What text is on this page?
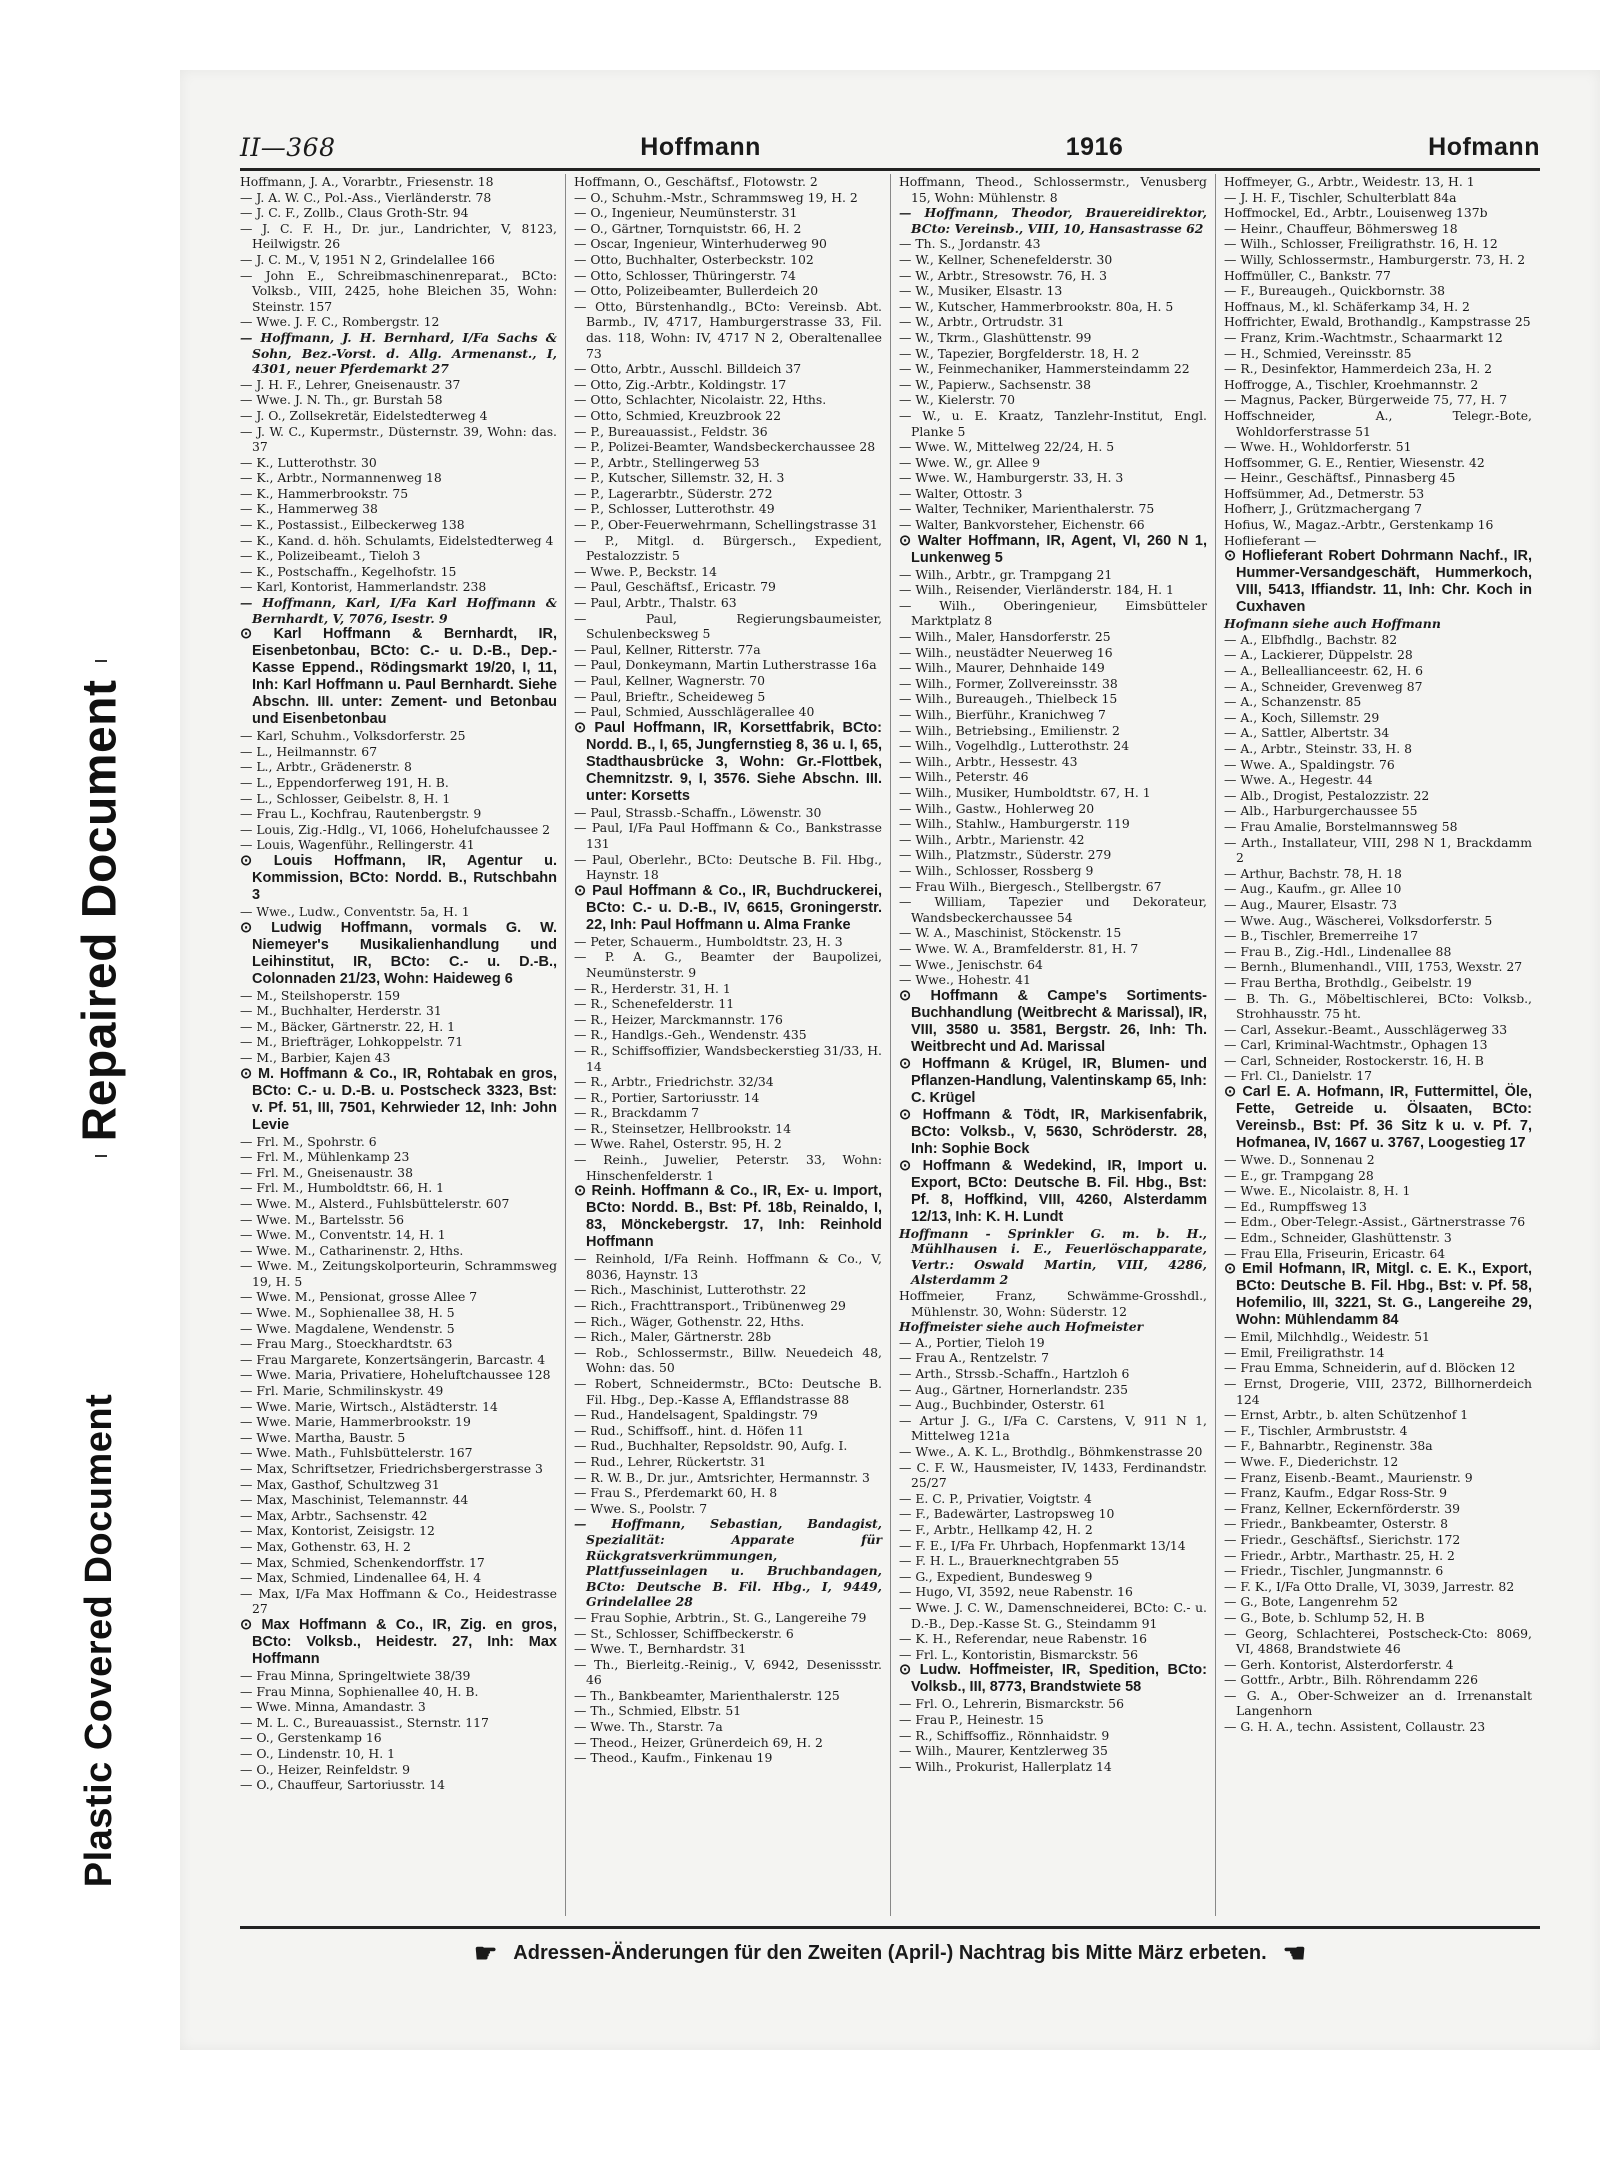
Repaired Document
Plastic Covered Document
II—368	Hoffmann	1916	Hofmann

Hoffmann, J. A., Vorarbtr., Friesenstr. 18

— J. A. W. C., Pol.-Ass., Vierländerstr. 78

— J. C. F., Zollb., Claus Groth-Str. 94

— J. C. F. H., Dr. jur., Landrichter, V, 8123, Heilwigstr. 26

— J. C. M., V, 1951 N 2, Grindelallee 166

— John E., Schreibmaschinenreparat., BCto: Volksb., VIII, 2425, hohe Bleichen 35, Wohn: Steinstr. 157

— Wwe. J. F. C., Rombergstr. 12

— Hoffmann, J. H. Bernhard, I/Fa Sachs & Sohn, Bez.-Vorst. d. Allg. Armenanst., I, 4301, neuer Pferdemarkt 27

— J. H. F., Lehrer, Gneisenaustr. 37

— Wwe. J. N. Th., gr. Burstah 58

— J. O., Zollsekretär, Eidelstedterweg 4

— J. W. C., Kupermstr., Düsternstr. 39, Wohn: das. 37

— K., Lutterothstr. 30

— K., Arbtr., Normannenweg 18

— K., Hammerbrookstr. 75

— K., Hammerweg 38

— K., Postassist., Eilbeckerweg 138

— K., Kand. d. höh. Schulamts, Eidelstedterweg 4

— K., Polizeibeamt., Tieloh 3

— K., Postschaffn., Kegelhofstr. 15

— Karl, Kontorist, Hammerlandstr. 238

— Hoffmann, Karl, I/Fa Karl Hoffmann & Bernhardt, V, 7076, Isestr. 9

⊙ Karl Hoffmann & Bernhardt, IR, Eisenbetonbau, BCto: C.- u. D.-B., Dep.-Kasse Eppend., Rödingsmarkt 19/20, I, 11, Inh: Karl Hoffmann u. Paul Bernhardt. Siehe Abschn. III. unter: Zement- und Betonbau und Eisenbetonbau

— Karl, Schuhm., Volksdorferstr. 25

— L., Heilmannstr. 67

— L., Arbtr., Grädenerstr. 8

— L., Eppendorferweg 191, H. B.

— L., Schlosser, Geibelstr. 8, H. 1

— Frau L., Kochfrau, Rautenbergstr. 9

— Louis, Zig.-Hdlg., VI, 1066, Hohelufchaussee 2

— Louis, Wagenführ., Rellingerstr. 41

⊙ Louis Hoffmann, IR, Agentur u. Kommission, BCto: Nordd. B., Rutschbahn 3

— Wwe., Ludw., Conventstr. 5a, H. 1

⊙ Ludwig Hoffmann, vormals G. W. Niemeyer's Musikalienhandlung und Leihinstitut, IR, BCto: C.- u. D.-B., Colonnaden 21/23, Wohn: Haideweg 6

— M., Steilshoperstr. 159

— M., Buchhalter, Herderstr. 31

— M., Bäcker, Gärtnerstr. 22, H. 1

— M., Briefträger, Lohkoppelstr. 71

— M., Barbier, Kajen 43

⊙ M. Hoffmann & Co., IR, Rohtabak en gros, BCto: C.- u. D.-B. u. Postscheck 3323, Bst: v. Pf. 51, III, 7501, Kehrwieder 12, Inh: John Levie

— Frl. M., Spohrstr. 6

— Frl. M., Mühlenkamp 23

— Frl. M., Gneisenaustr. 38

— Frl. M., Humboldtstr. 66, H. 1

— Wwe. M., Alsterd., Fuhlsbüttelerstr. 607

— Wwe. M., Bartelsstr. 56

— Wwe. M., Conventstr. 14, H. 1

— Wwe. M., Catharinenstr. 2, Hths.

— Wwe. M., Zeitungskolporteurin, Schrammsweg 19, H. 5

— Wwe. M., Pensionat, grosse Allee 7

— Wwe. M., Sophienallee 38, H. 5

— Wwe. Magdalene, Wendenstr. 5

— Frau Marg., Stoeckhardtstr. 63

— Frau Margarete, Konzertsängerin, Barcastr. 4

— Wwe. Maria, Privatiere, Hoheluftchaussee 128

— Frl. Marie, Schmilinskystr. 49

— Wwe. Marie, Wirtsch., Alstädterstr. 14

— Wwe. Marie, Hammerbrookstr. 19

— Wwe. Martha, Baustr. 5

— Wwe. Math., Fuhlsbüttelerstr. 167

— Max, Schriftsetzer, Friedrichsbergerstrasse 3

— Max, Gasthof, Schultzweg 31

— Max, Maschinist, Telemannstr. 44

— Max, Arbtr., Sachsenstr. 42

— Max, Kontorist, Zeisigstr. 12

— Max, Gothenstr. 63, H. 2

— Max, Schmied, Schenkendorffstr. 17

— Max, Schmied, Lindenallee 64, H. 4

— Max, I/Fa Max Hoffmann & Co., Heidestrasse 27

⊙ Max Hoffmann & Co., IR, Zig. en gros, BCto: Volksb., Heidestr. 27, Inh: Max Hoffmann

— Frau Minna, Springeltwiete 38/39

— Frau Minna, Sophienallee 40, H. B.

— Wwe. Minna, Amandastr. 3

— M. L. C., Bureauassist., Sternstr. 117

— O., Gerstenkamp 16

— O., Lindenstr. 10, H. 1

— O., Heizer, Reinfeldstr. 9

— O., Chauffeur, Sartoriusstr. 14

Hoffmann, O., Geschäftsf., Flotowstr. 2

— O., Schuhm.-Mstr., Schrammsweg 19, H. 2

— O., Ingenieur, Neumünsterstr. 31

— O., Gärtner, Tornquiststr. 66, H. 2

— Oscar, Ingenieur, Winterhuderweg 90

— Otto, Buchhalter, Osterbeckstr. 102

— Otto, Schlosser, Thüringerstr. 74

— Otto, Polizeibeamter, Bullerdeich 20

— Otto, Bürstenhandlg., BCto: Vereinsb. Abt. Barmb., IV, 4717, Hamburgerstrasse 33, Fil. das. 118, Wohn: IV, 4717 N 2, Oberaltenallee 73

— Otto, Arbtr., Ausschl. Billdeich 37

— Otto, Zig.-Arbtr., Koldingstr. 17

— Otto, Schlachter, Nicolaistr. 22, Hths.

— Otto, Schmied, Kreuzbrook 22

— P., Bureauassist., Feldstr. 36

— P., Polizei-Beamter, Wandsbeckerchaussee 28

— P., Arbtr., Stellingerweg 53

— P., Kutscher, Sillemstr. 32, H. 3

— P., Lagerarbtr., Süderstr. 272

— P., Schlosser, Lutterothstr. 49

— P., Ober-Feuerwehrmann, Schellingstrasse 31

— P., Mitgl. d. Bürgersch., Expedient, Pestalozzistr. 5

— Wwe. P., Beckstr. 14

— Paul, Geschäftsf., Ericastr. 79

— Paul, Arbtr., Thalstr. 63

— Paul, Regierungsbaumeister, Schulenbecksweg 5

— Paul, Kellner, Ritterstr. 77a

— Paul, Donkeymann, Martin Lutherstrasse 16a

— Paul, Kellner, Wagnerstr. 70

— Paul, Brieftr., Scheideweg 5

— Paul, Schmied, Ausschlägerallee 40

⊙ Paul Hoffmann, IR, Korsettfabrik, BCto: Nordd. B., I, 65, Jungfernstieg 8, 36 u. I, 65, Stadthausbrücke 3, Wohn: Gr.-Flottbek, Chemnitzstr. 9, I, 3576. Siehe Abschn. III. unter: Korsetts

— Paul, Strassb.-Schaffn., Löwenstr. 30

— Paul, I/Fa Paul Hoffmann & Co., Bankstrasse 131

— Paul, Oberlehr., BCto: Deutsche B. Fil. Hbg., Haynstr. 18

⊙ Paul Hoffmann & Co., IR, Buchdruckerei, BCto: C.- u. D.-B., IV, 6615, Groningerstr. 22, Inh: Paul Hoffmann u. Alma Franke

— Peter, Schauerm., Humboldtstr. 23, H. 3

— P. A. G., Beamter der Baupolizei, Neumünsterstr. 9

— R., Herderstr. 31, H. 1

— R., Schenefelderstr. 11

— R., Heizer, Marckmannstr. 176

— R., Handlgs.-Geh., Wendenstr. 435

— R., Schiffsoffizier, Wandsbeckerstieg 31/33, H. 14

— R., Arbtr., Friedrichstr. 32/34

— R., Portier, Sartoriusstr. 14

— R., Brackdamm 7

— R., Steinsetzer, Hellbrookstr. 14

— Wwe. Rahel, Osterstr. 95, H. 2

— Reinh., Juwelier, Peterstr. 33, Wohn: Hinschenfelderstr. 1

⊙ Reinh. Hoffmann & Co., IR, Ex- u. Import, BCto: Nordd. B., Bst: Pf. 18b, Reinaldo, I, 83, Mönckebergstr. 17, Inh: Reinhold Hoffmann

— Reinhold, I/Fa Reinh. Hoffmann & Co., V, 8036, Haynstr. 13

— Rich., Maschinist, Lutterothstr. 22

— Rich., Frachttransport., Tribünenweg 29

— Rich., Wäger, Gothenstr. 22, Hths.

— Rich., Maler, Gärtnerstr. 28b

— Rob., Schlossermstr., Billw. Neuedeich 48, Wohn: das. 50

— Robert, Schneidermstr., BCto: Deutsche B. Fil. Hbg., Dep.-Kasse A, Efflandstrasse 88

— Rud., Handelsagent, Spaldingstr. 79

— Rud., Schiffsoff., hint. d. Höfen 11

— Rud., Buchhalter, Repsoldstr. 90, Aufg. I.

— Rud., Lehrer, Rückertstr. 31

— R. W. B., Dr. jur., Amtsrichter, Hermannstr. 3

— Frau S., Pferdemarkt 60, H. 8

— Wwe. S., Poolstr. 7

— Hoffmann, Sebastian, Bandagist, Spezialität: Apparate für Rückgratsverkrümmungen, Plattfusseinlagen u. Bruchbandagen, BCto: Deutsche B. Fil. Hbg., I, 9449, Grindelallee 28

— Frau Sophie, Arbtrin., St. G., Langereihe 79

— St., Schlosser, Schiffbeckerstr. 6

— Wwe. T., Bernhardstr. 31

— Th., Bierleitg.-Reinig., V, 6942, Desenissstr. 46

— Th., Bankbeamter, Marienthalerstr. 125

— Th., Schmied, Elbstr. 51

— Wwe. Th., Starstr. 7a

— Theod., Heizer, Grünerdeich 69, H. 2

— Theod., Kaufm., Finkenau 19

Hoffmann, Theod., Schlossermstr., Venusberg 15, Wohn: Mühlenstr. 8

— Hoffmann, Theodor, Brauereidirektor, BCto: Vereinsb., VIII, 10, Hansastrasse 62

— Th. S., Jordanstr. 43

— W., Kellner, Schenefelderstr. 30

— W., Arbtr., Stresowstr. 76, H. 3

— W., Musiker, Elsastr. 13

— W., Kutscher, Hammerbrookstr. 80a, H. 5

— W., Arbtr., Ortrudstr. 31

— W., Tkrm., Glashüttenstr. 99

— W., Tapezier, Borgfelderstr. 18, H. 2

— W., Feinmechaniker, Hammersteindamm 22

— W., Papierw., Sachsenstr. 38

— W., Kielerstr. 70

— W., u. E. Kraatz, Tanzlehr-Institut, Engl. Planke 5

— Wwe. W., Mittelweg 22/24, H. 5

— Wwe. W., gr. Allee 9

— Wwe. W., Hamburgerstr. 33, H. 3

— Walter, Ottostr. 3

— Walter, Techniker, Marienthalerstr. 75

— Walter, Bankvorsteher, Eichenstr. 66

⊙ Walter Hoffmann, IR, Agent, VI, 260 N 1, Lunkenweg 5

— Wilh., Arbtr., gr. Trampgang 21

— Wilh., Reisender, Vierländerstr. 184, H. 1

— Wilh., Oberingenieur, Eimsbütteler Marktplatz 8

— Wilh., Maler, Hansdorferstr. 25

— Wilh., neustädter Neuerweg 16

— Wilh., Maurer, Dehnhaide 149

— Wilh., Former, Zollvereinsstr. 38

— Wilh., Bureaugeh., Thielbeck 15

— Wilh., Bierführ., Kranichweg 7

— Wilh., Betriebsing., Emilienstr. 2

— Wilh., Vogelhdlg., Lutterothstr. 24

— Wilh., Arbtr., Hessestr. 43

— Wilh., Peterstr. 46

— Wilh., Musiker, Humboldtstr. 67, H. 1

— Wilh., Gastw., Hohlerweg 20

— Wilh., Stahlw., Hamburgerstr. 119

— Wilh., Arbtr., Marienstr. 42

— Wilh., Platzmstr., Süderstr. 279

— Wilh., Schlosser, Rossberg 9

— Frau Wilh., Biergesch., Stellbergstr. 67

— William, Tapezier und Dekorateur, Wandsbeckerchaussee 54

— W. A., Maschinist, Stöckenstr. 15

— Wwe. W. A., Bramfelderstr. 81, H. 7

— Wwe., Jenischstr. 64

— Wwe., Hohestr. 41

⊙ Hoffmann & Campe's Sortiments-Buchhandlung (Weitbrecht & Marissal), IR, VIII, 3580 u. 3581, Bergstr. 26, Inh: Th. Weitbrecht und Ad. Marissal

⊙ Hoffmann & Krügel, IR, Blumen- und Pflanzen-Handlung, Valentinskamp 65, Inh: C. Krügel

⊙ Hoffmann & Tödt, IR, Markisenfabrik, BCto: Volksb., V, 5630, Schröderstr. 28, Inh: Sophie Bock

⊙ Hoffmann & Wedekind, IR, Import u. Export, BCto: Deutsche B. Fil. Hbg., Bst: Pf. 8, Hoffkind, VIII, 4260, Alsterdamm 12/13, Inh: K. H. Lundt

Hoffmann - Sprinkler G. m. b. H., Mühlhausen i. E., Feuerlöschapparate, Vertr.: Oswald Martin, VIII, 4286, Alsterdamm 2

Hoffmeier, Franz, Schwämme-Grosshdl., Mühlenstr. 30, Wohn: Süderstr. 12

Hoffmeister siehe auch Hofmeister

— A., Portier, Tieloh 19

— Frau A., Rentzelstr. 7

— Arth., Strssb.-Schaffn., Hartzloh 6

— Aug., Gärtner, Hornerlandstr. 235

— Aug., Buchbinder, Osterstr. 61

— Artur J. G., I/Fa C. Carstens, V, 911 N 1, Mittelweg 121a

— Wwe., A. K. L., Brothdlg., Böhmkenstrasse 20

— C. F. W., Hausmeister, IV, 1433, Ferdinandstr. 25/27

— E. C. P., Privatier, Voigtstr. 4

— F., Badewärter, Lastropsweg 10

— F., Arbtr., Hellkamp 42, H. 2

— F. E., I/Fa Fr. Uhrbach, Hopfenmarkt 13/14

— F. H. L., Brauerknechtgraben 55

— G., Expedient, Bundesweg 9

— Hugo, VI, 3592, neue Rabenstr. 16

— Wwe. J. C. W., Damenschneiderei, BCto: C.- u. D.-B., Dep.-Kasse St. G., Steindamm 91

— K. H., Referendar, neue Rabenstr. 16

— Frl. L., Kontoristin, Bismarckstr. 56

⊙ Ludw. Hoffmeister, IR, Spedition, BCto: Volksb., III, 8773, Brandstwiete 58

— Frl. O., Lehrerin, Bismarckstr. 56

— Frau P., Heinestr. 15

— R., Schiffsoffiz., Rönnhaidstr. 9

— Wilh., Maurer, Kentzlerweg 35

— Wilh., Prokurist, Hallerplatz 14

Hoffmeyer, G., Arbtr., Weidestr. 13, H. 1

— J. H. F., Tischler, Schulterblatt 84a

Hoffmockel, Ed., Arbtr., Louisenweg 137b

— Heinr., Chauffeur, Böhmersweg 18

— Wilh., Schlosser, Freiligrathstr. 16, H. 12

— Willy, Schlossermstr., Hamburgerstr. 73, H. 2

Hoffmüller, C., Bankstr. 77

— F., Bureaugeh., Quickbornstr. 38

Hoffnaus, M., kl. Schäferkamp 34, H. 2

Hoffrichter, Ewald, Brothandlg., Kampstrasse 25

— Franz, Krim.-Wachtmstr., Schaarmarkt 12

— H., Schmied, Vereinsstr. 85

— R., Desinfektor, Hammerdeich 23a, H. 2

Hoffrogge, A., Tischler, Kroehmannstr. 2

— Magnus, Packer, Bürgerweide 75, 77, H. 7

Hoffschneider, A., Telegr.-Bote, Wohldorferstrasse 51

— Wwe. H., Wohldorferstr. 51

Hoffsommer, G. E., Rentier, Wiesenstr. 42

— Heinr., Geschäftsf., Pinnasberg 45

Hoffsümmer, Ad., Detmerstr. 53

Hofherr, J., Grützmachergang 7

Hofius, W., Magaz.-Arbtr., Gerstenkamp 16

Hoflieferant —

⊙ Hoflieferant Robert Dohrmann Nachf., IR, Hummer-Versandgeschäft, Hummerkoch, VIII, 5413, Iffiandstr. 11, Inh: Chr. Koch in Cuxhaven

Hofmann siehe auch Hoffmann

— A., Elbfhdlg., Bachstr. 82

— A., Lackierer, Düppelstr. 28

— A., Belleallianceestr. 62, H. 6

— A., Schneider, Grevenweg 87

— A., Schanzenstr. 85

— A., Koch, Sillemstr. 29

— A., Sattler, Albertstr. 34

— A., Arbtr., Steinstr. 33, H. 8

— Wwe. A., Spaldingstr. 76

— Wwe. A., Hegestr. 44

— Alb., Drogist, Pestalozzistr. 22

— Alb., Harburgerchaussee 55

— Frau Amalie, Borstelmannsweg 58

— Arth., Installateur, VIII, 298 N 1, Brackdamm 2

— Arthur, Bachstr. 78, H. 18

— Aug., Kaufm., gr. Allee 10

— Aug., Maurer, Elsastr. 73

— Wwe. Aug., Wäscherei, Volksdorferstr. 5

— B., Tischler, Bremerreihe 17

— Frau B., Zig.-Hdl., Lindenallee 88

— Bernh., Blumenhandl., VIII, 1753, Wexstr. 27

— Frau Bertha, Brothdlg., Geibelstr. 19

— B. Th. G., Möbeltischlerei, BCto: Volksb., Strohhausstr. 75 ht.

— Carl, Assekur.-Beamt., Ausschlägerweg 33

— Carl, Kriminal-Wachtmstr., Ophagen 13

— Carl, Schneider, Rostockerstr. 16, H. B

— Frl. Cl., Danielstr. 17

⊙ Carl E. A. Hofmann, IR, Futtermittel, Öle, Fette, Getreide u. Ölsaaten, BCto: Vereinsb., Bst: Pf. 36 Sitz k u. v. Pf. 7, Hofmanea, IV, 1667 u. 3767, Loogestieg 17

— Wwe. D., Sonnenau 2

— E., gr. Trampgang 28

— Wwe. E., Nicolaistr. 8, H. 1

— Ed., Rumpffsweg 13

— Edm., Ober-Telegr.-Assist., Gärtnerstrasse 76

— Edm., Schneider, Glashüttenstr. 3

— Frau Ella, Friseurin, Ericastr. 64

⊙ Emil Hofmann, IR, Mitgl. c. E. K., Export, BCto: Deutsche B. Fil. Hbg., Bst: v. Pf. 58, Hofemilio, III, 3221, St. G., Langereihe 29, Wohn: Mühlendamm 84

— Emil, Milchhdlg., Weidestr. 51

— Emil, Freiligrathstr. 14

— Frau Emma, Schneiderin, auf d. Blöcken 12

— Ernst, Drogerie, VIII, 2372, Billhornerdeich 124

— Ernst, Arbtr., b. alten Schützenhof 1

— F., Tischler, Armbruststr. 4

— F., Bahnarbtr., Reginenstr. 38a

— Wwe. F., Diederichstr. 12

— Franz, Eisenb.-Beamt., Maurienstr. 9

— Franz, Kaufm., Edgar Ross-Str. 9

— Franz, Kellner, Eckernförderstr. 39

— Friedr., Bankbeamter, Osterstr. 8

— Friedr., Geschäftsf., Sierichstr. 172

— Friedr., Arbtr., Marthastr. 25, H. 2

— Friedr., Tischler, Jungmannstr. 6

— F. K., I/Fa Otto Dralle, VI, 3039, Jarrestr. 82

— G., Bote, Langenrehm 52

— G., Bote, b. Schlump 52, H. B

— Georg, Schlachterei, Postscheck-Cto: 8069, VI, 4868, Brandstwiete 46

— Gerh. Kontorist, Alsterdorferstr. 4

— Gottfr., Arbtr., Bilh. Röhrendamm 226

— G. A., Ober-Schweizer an d. Irrenanstalt Langenhorn

— G. H. A., techn. Assistent, Collaustr. 23

☛ Adressen-Änderungen für den Zweiten (April-) Nachtrag bis Mitte März erbeten. ☚
